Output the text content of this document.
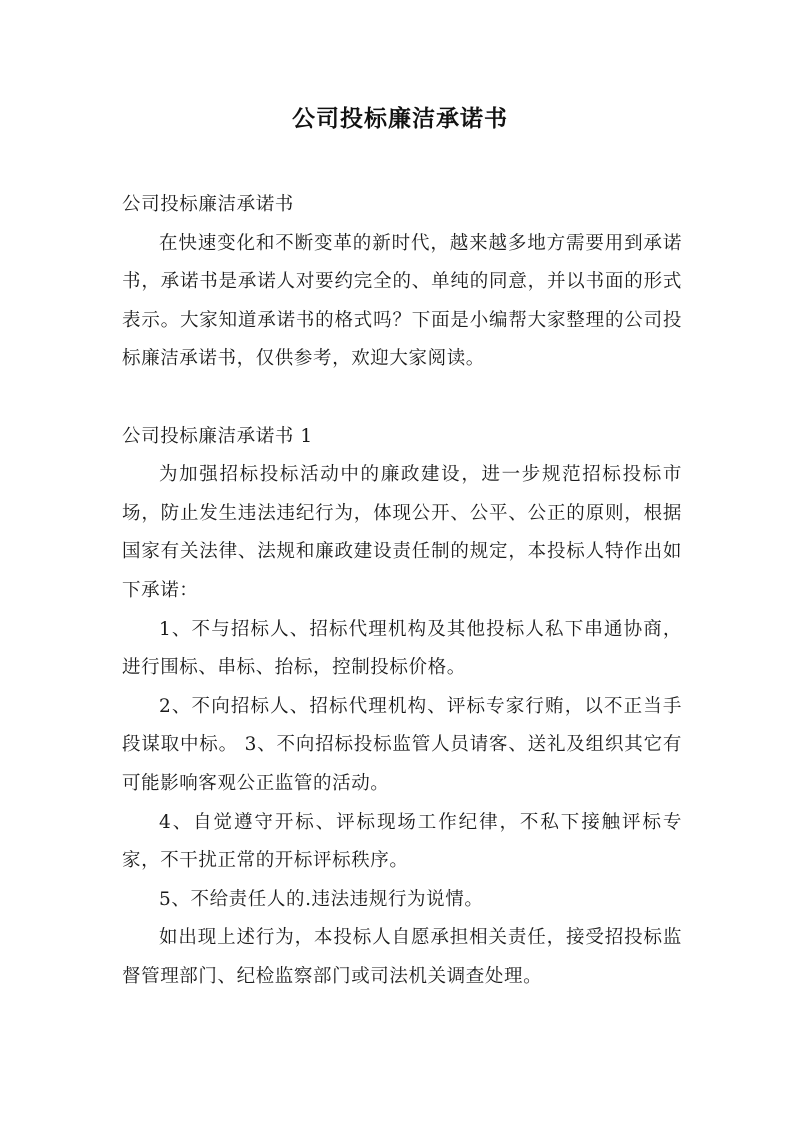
公司投标廉洁承诺书

公司投标廉洁承诺书

在快速变化和不断变革的新时代，越来越多地方需要用到承诺书，承诺书是承诺人对要约完全的、单纯的同意，并以书面的形式表示。大家知道承诺书的格式吗？下面是小编帮大家整理的公司投标廉洁承诺书，仅供参考，欢迎大家阅读。

公司投标廉洁承诺书 1

为加强招标投标活动中的廉政建设，进一步规范招标投标市场，防止发生违法违纪行为，体现公开、公平、公正的原则，根据国家有关法律、法规和廉政建设责任制的规定，本投标人特作出如下承诺：

1、不与招标人、招标代理机构及其他投标人私下串通协商，进行围标、串标、抬标，控制投标价格。

2、不向招标人、招标代理机构、评标专家行贿，以不正当手段谋取中标。 3、不向招标投标监管人员请客、送礼及组织其它有可能影响客观公正监管的活动。

4、自觉遵守开标、评标现场工作纪律，不私下接触评标专家，不干扰正常的开标评标秩序。

5、不给责任人的.违法违规行为说情。

如出现上述行为，本投标人自愿承担相关责任，接受招投标监督管理部门、纪检监察部门或司法机关调查处理。
